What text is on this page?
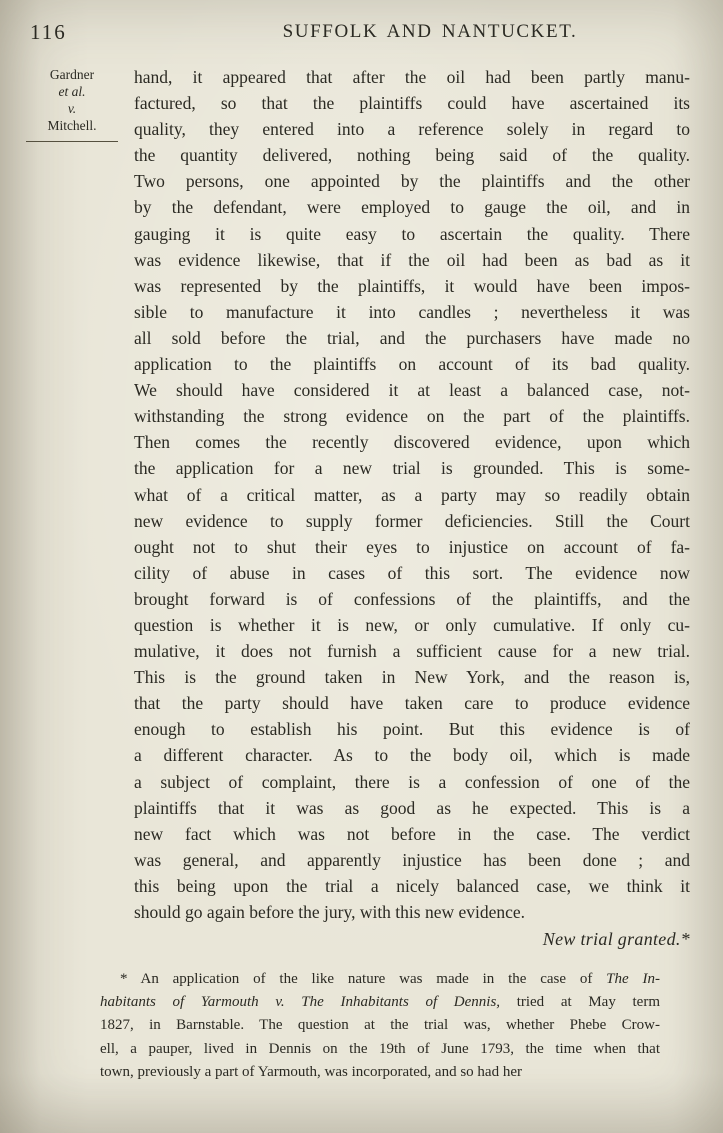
116	SUFFOLK AND NANTUCKET.
Gardner
et al.
v.
Mitchell.
hand, it appeared that after the oil had been partly manu-
factured, so that the plaintiffs could have ascertained its
quality, they entered into a reference solely in regard to
the quantity delivered, nothing being said of the quality.
Two persons, one appointed by the plaintiffs and the other
by the defendant, were employed to gauge the oil, and in
gauging it is quite easy to ascertain the quality. There
was evidence likewise, that if the oil had been as bad as it
was represented by the plaintiffs, it would have been impos-
sible to manufacture it into candles ; nevertheless it was
all sold before the trial, and the purchasers have made no
application to the plaintiffs on account of its bad quality.
We should have considered it at least a balanced case, not-
withstanding the strong evidence on the part of the plaintiffs.
Then comes the recently discovered evidence, upon which
the application for a new trial is grounded. This is some-
what of a critical matter, as a party may so readily obtain
new evidence to supply former deficiencies. Still the Court
ought not to shut their eyes to injustice on account of fa-
cility of abuse in cases of this sort. The evidence now
brought forward is of confessions of the plaintiffs, and the
question is whether it is new, or only cumulative. If only cu-
mulative, it does not furnish a sufficient cause for a new trial.
This is the ground taken in New York, and the reason is,
that the party should have taken care to produce evidence
enough to establish his point. But this evidence is of
a different character. As to the body oil, which is made
a subject of complaint, there is a confession of one of the
plaintiffs that it was as good as he expected. This is a
new fact which was not before in the case. The verdict
was general, and apparently injustice has been done ; and
this being upon the trial a nicely balanced case, we think it
should go again before the jury, with this new evidence.
New trial granted.*
* An application of the like nature was made in the case of The In-
habitants of Yarmouth v. The Inhabitants of Dennis, tried at May term
1827, in Barnstable. The question at the trial was, whether Phebe Crow-
ell, a pauper, lived in Dennis on the 19th of June 1793, the time when that
town, previously a part of Yarmouth, was incorporated, and so had her
